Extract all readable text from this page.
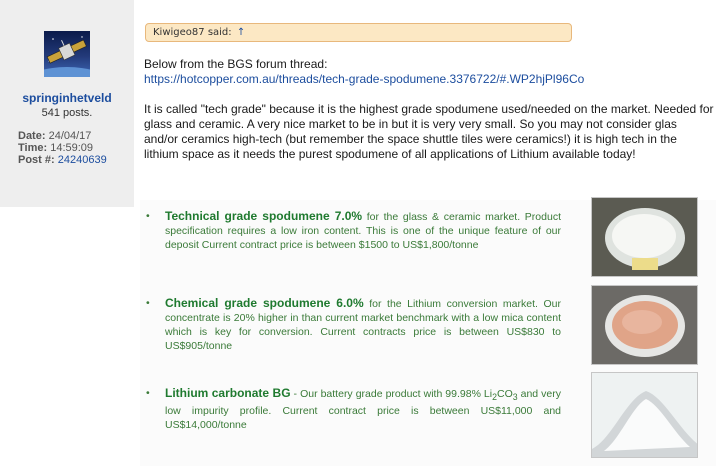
springinhetveld
541 posts.
Date: 24/04/17
Time: 14:59:09
Post #: 24240639
Kiwigeo87 said: ↑
Below from the BGS forum thread:
https://hotcopper.com.au/threads/tech-grade-spodumene.3376722/#.WP2hjPl96Co
It is called "tech grade" because it is the highest grade spodumene used/needed on the market. Needed for glass and ceramic. A very nice market to be in but it is very very small. So you may not consider glas and/or ceramics high-tech (but remember the space shuttle tiles were ceramics!) it is high tech in the lithium space as it needs the purest spodumene of all applications of Lithium available today!
• Technical grade spodumene 7.0% for the glass & ceramic market. Product specification requires a low iron content. This is one of the unique feature of our deposit Current contract price is between $1500 to US$1,800/tonne
• Chemical grade spodumene 6.0% for the Lithium conversion market. Our concentrate is 20% higher in than current market benchmark with a low mica content which is key for conversion. Current contracts price is between US$830 to US$905/tonne
• Lithium carbonate BG - Our battery grade product with 99.98% $Li_2CO_3$ and very low impurity profile. Current contract price is between US$11,000 and US$14,000/tonne
